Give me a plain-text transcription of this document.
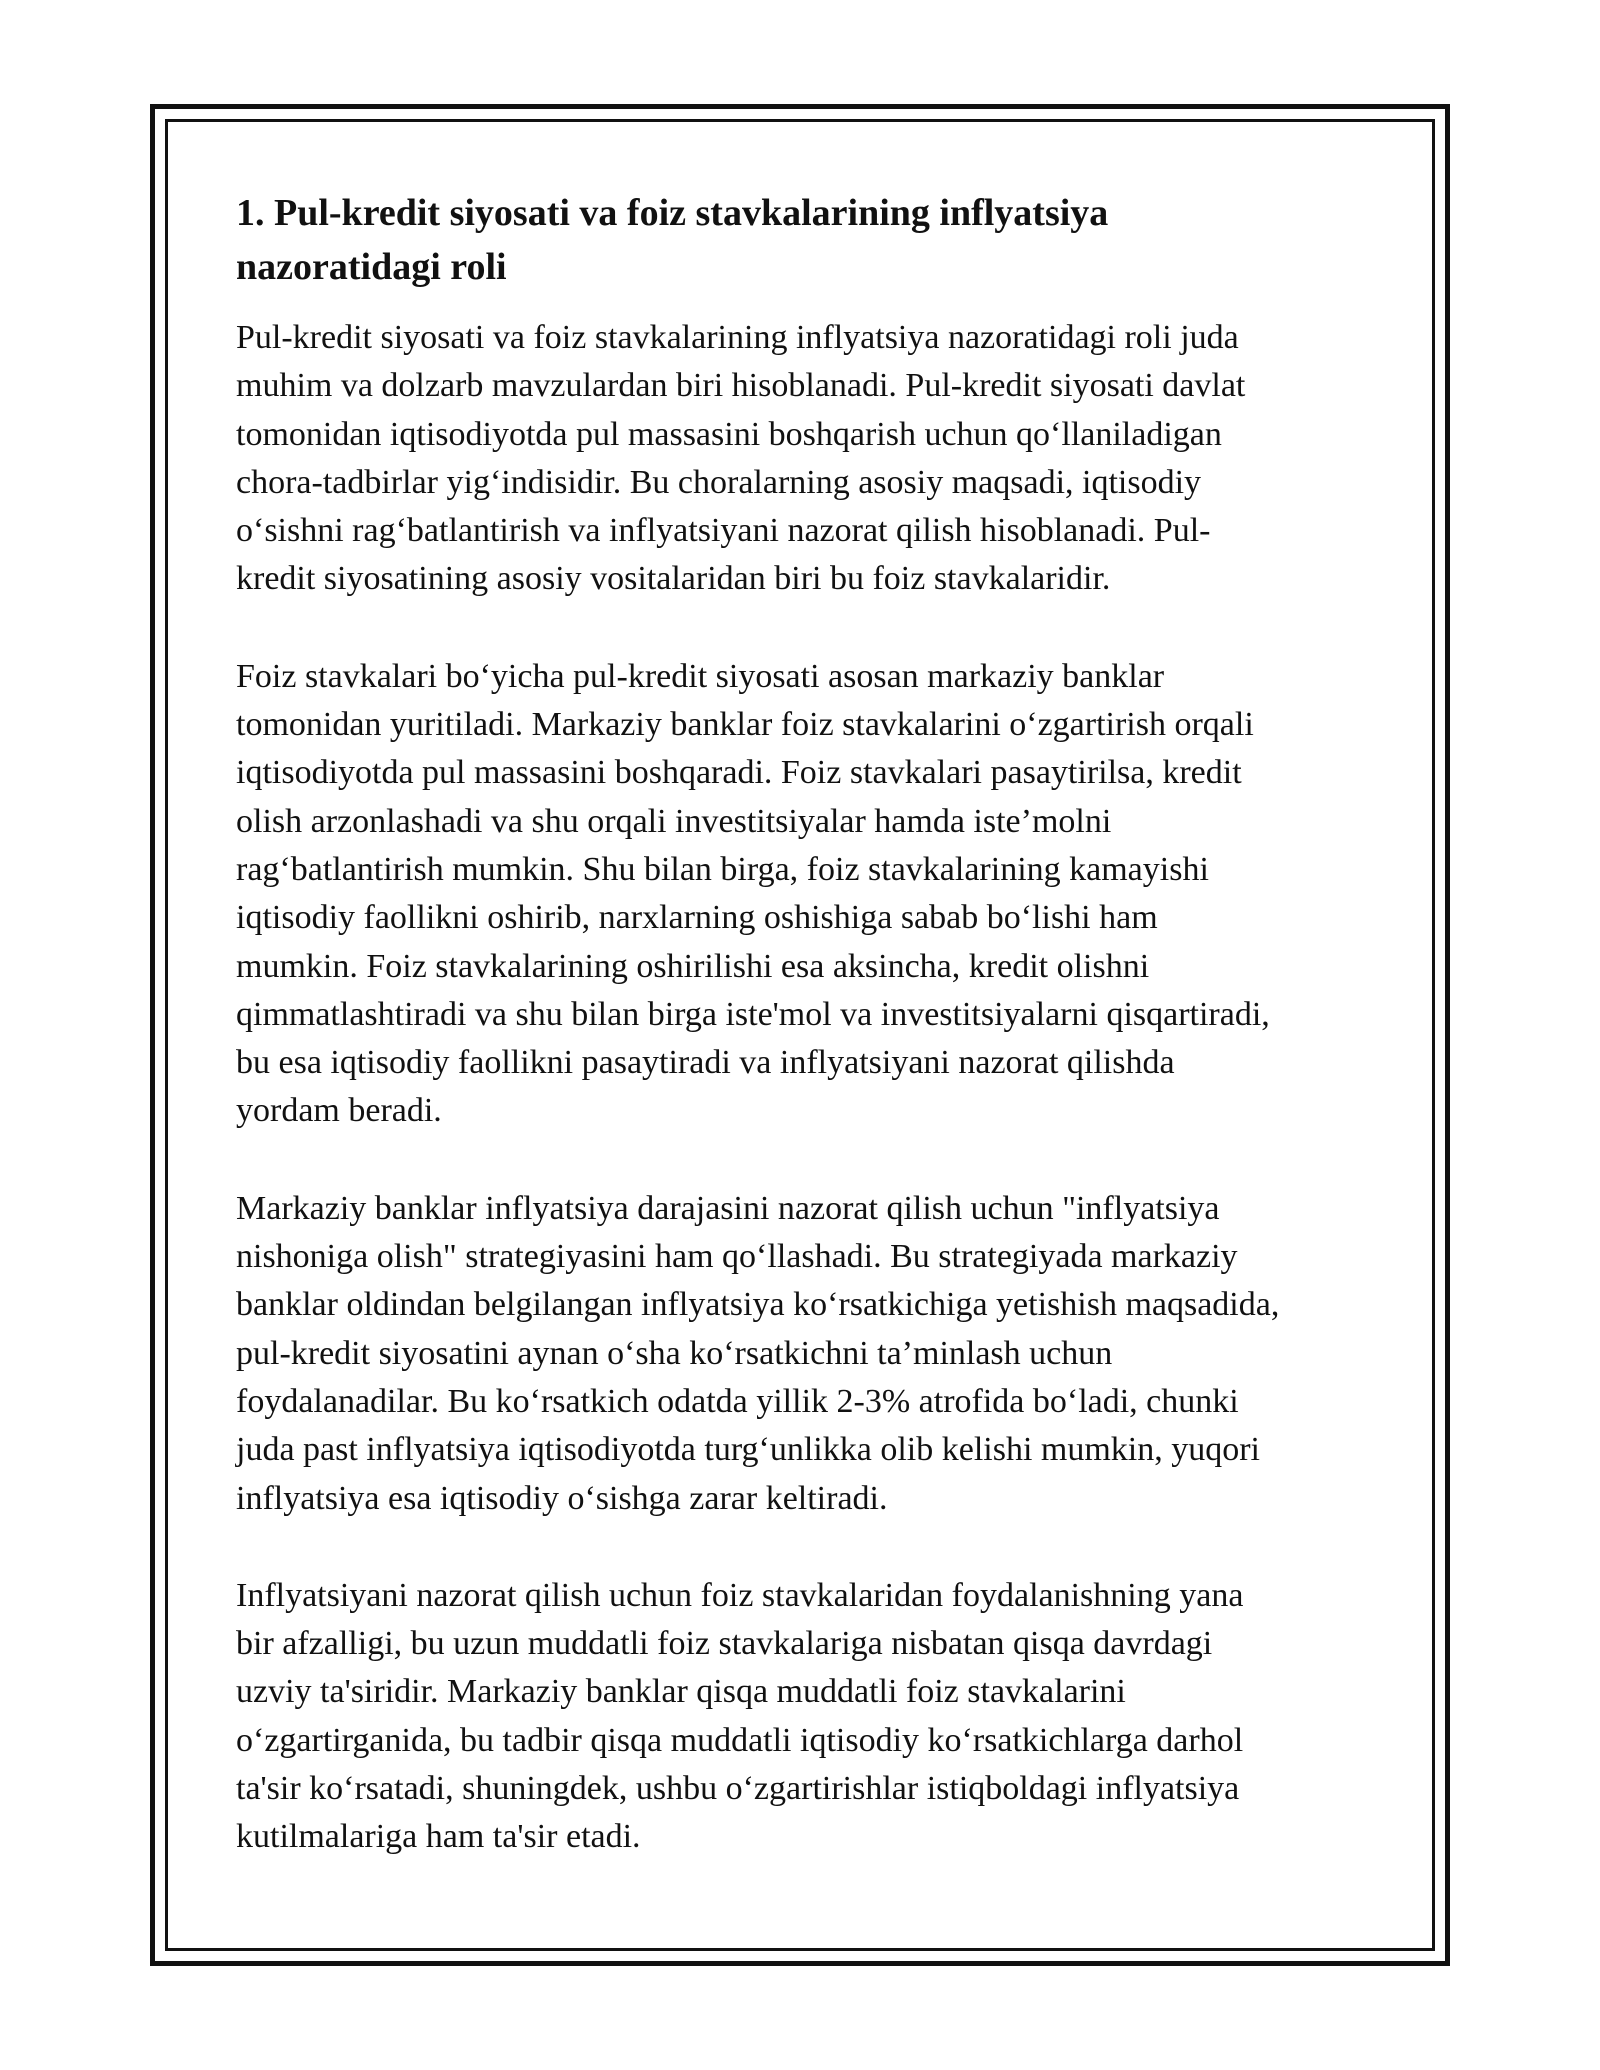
1. Pul-kredit siyosati va foiz stavkalarining inflyatsiya
nazoratidagi roli

Pul-kredit siyosati va foiz stavkalarining inflyatsiya nazoratidagi roli juda
muhim va dolzarb mavzulardan biri hisoblanadi. Pul-kredit siyosati davlat
tomonidan iqtisodiyotda pul massasini boshqarish uchun qo‘llaniladigan
chora-tadbirlar yig‘indisidir. Bu choralarning asosiy maqsadi, iqtisodiy
o‘sishni rag‘batlantirish va inflyatsiyani nazorat qilish hisoblanadi. Pul-
kredit siyosatining asosiy vositalaridan biri bu foiz stavkalaridir.

Foiz stavkalari bo‘yicha pul-kredit siyosati asosan markaziy banklar
tomonidan yuritiladi. Markaziy banklar foiz stavkalarini o‘zgartirish orqali
iqtisodiyotda pul massasini boshqaradi. Foiz stavkalari pasaytirilsa, kredit
olish arzonlashadi va shu orqali investitsiyalar hamda iste’molni
rag‘batlantirish mumkin. Shu bilan birga, foiz stavkalarining kamayishi
iqtisodiy faollikni oshirib, narxlarning oshishiga sabab bo‘lishi ham
mumkin. Foiz stavkalarining oshirilishi esa aksincha, kredit olishni
qimmatlashtiradi va shu bilan birga iste'mol va investitsiyalarni qisqartiradi,
bu esa iqtisodiy faollikni pasaytiradi va inflyatsiyani nazorat qilishda
yordam beradi.

Markaziy banklar inflyatsiya darajasini nazorat qilish uchun "inflyatsiya
nishoniga olish" strategiyasini ham qo‘llashadi. Bu strategiyada markaziy
banklar oldindan belgilangan inflyatsiya ko‘rsatkichiga yetishish maqsadida,
pul-kredit siyosatini aynan o‘sha ko‘rsatkichni ta’minlash uchun
foydalanadilar. Bu ko‘rsatkich odatda yillik 2-3% atrofida bo‘ladi, chunki
juda past inflyatsiya iqtisodiyotda turg‘unlikka olib kelishi mumkin, yuqori
inflyatsiya esa iqtisodiy o‘sishga zarar keltiradi.

Inflyatsiyani nazorat qilish uchun foiz stavkalaridan foydalanishning yana
bir afzalligi, bu uzun muddatli foiz stavkalariga nisbatan qisqa davrdagi
uzviy ta'siridir. Markaziy banklar qisqa muddatli foiz stavkalarini
o‘zgartirganida, bu tadbir qisqa muddatli iqtisodiy ko‘rsatkichlarga darhol
ta'sir ko‘rsatadi, shuningdek, ushbu o‘zgartirishlar istiqboldagi inflyatsiya
kutilmalariga ham ta'sir etadi.
